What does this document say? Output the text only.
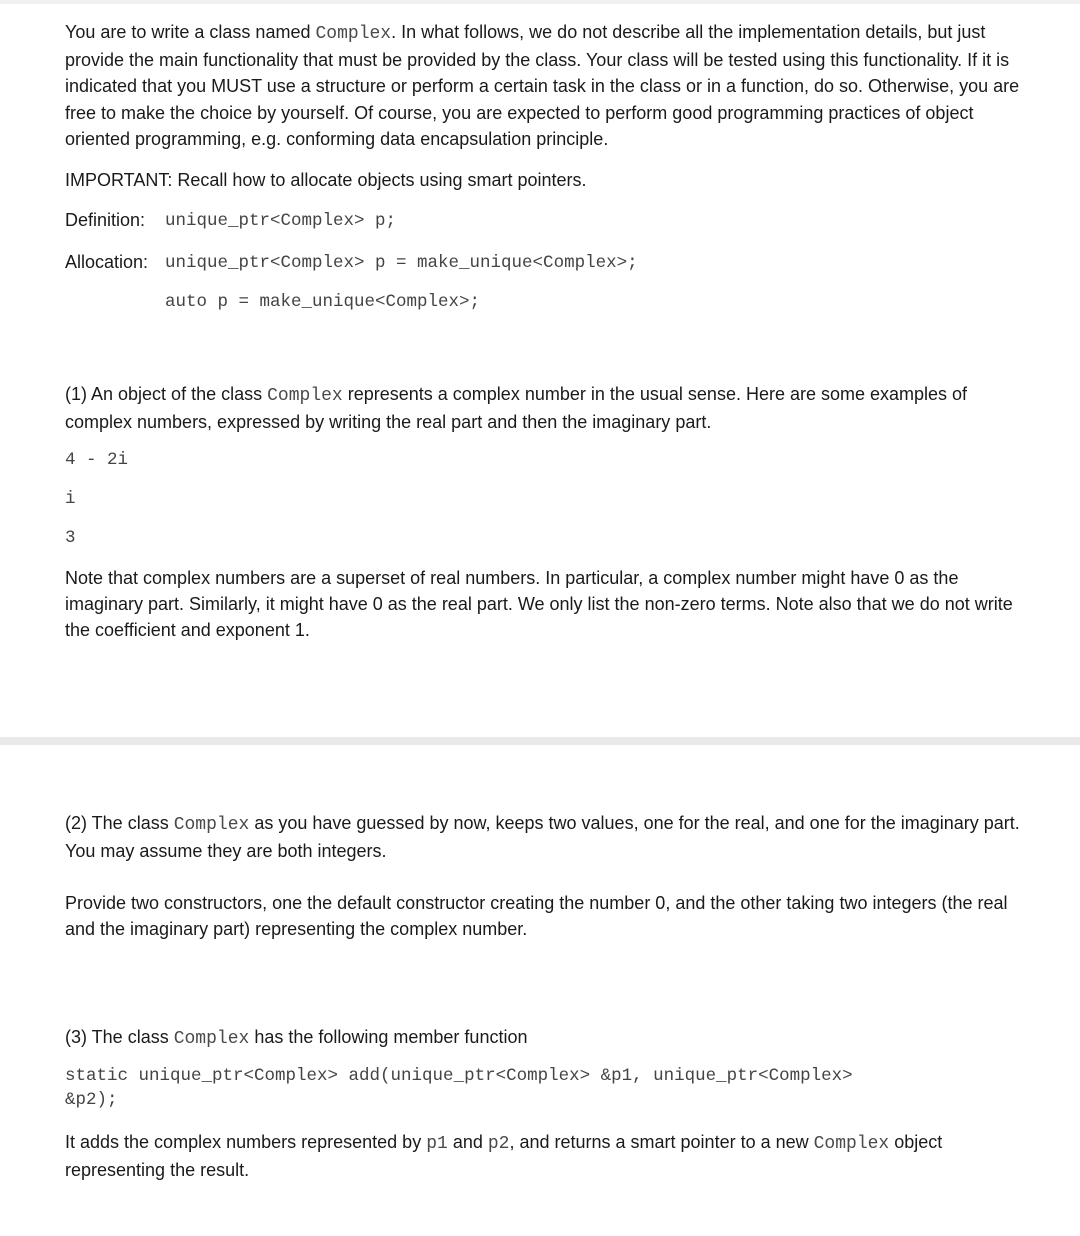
You are to write a class named Complex. In what follows, we do not describe all the implementation details, but just provide the main functionality that must be provided by the class. Your class will be tested using this functionality. If it is indicated that you MUST use a structure or perform a certain task in the class or in a function, do so. Otherwise, you are free to make the choice by yourself. Of course, you are expected to perform good programming practices of object oriented programming, e.g. conforming data encapsulation principle.

IMPORTANT: Recall how to allocate objects using smart pointers.

Definition: unique_ptr<Complex> p;

Allocation: unique_ptr<Complex> p = make_unique<Complex>;

auto p = make_unique<Complex>;

(1) An object of the class Complex represents a complex number in the usual sense. Here are some examples of complex numbers, expressed by writing the real part and then the imaginary part.

4 - 2i

i

3

Note that complex numbers are a superset of real numbers. In particular, a complex number might have 0 as the imaginary part. Similarly, it might have 0 as the real part. We only list the non-zero terms. Note also that we do not write the coefficient and exponent 1.

(2) The class Complex as you have guessed by now, keeps two values, one for the real, and one for the imaginary part. You may assume they are both integers.

Provide two constructors, one the default constructor creating the number 0, and the other taking two integers (the real and the imaginary part) representing the complex number.

(3) The class Complex has the following member function

static unique_ptr<Complex> add(unique_ptr<Complex> &p1, unique_ptr<Complex>

&p2);

It adds the complex numbers represented by p1 and p2, and returns a smart pointer to a new Complex object representing the result.
